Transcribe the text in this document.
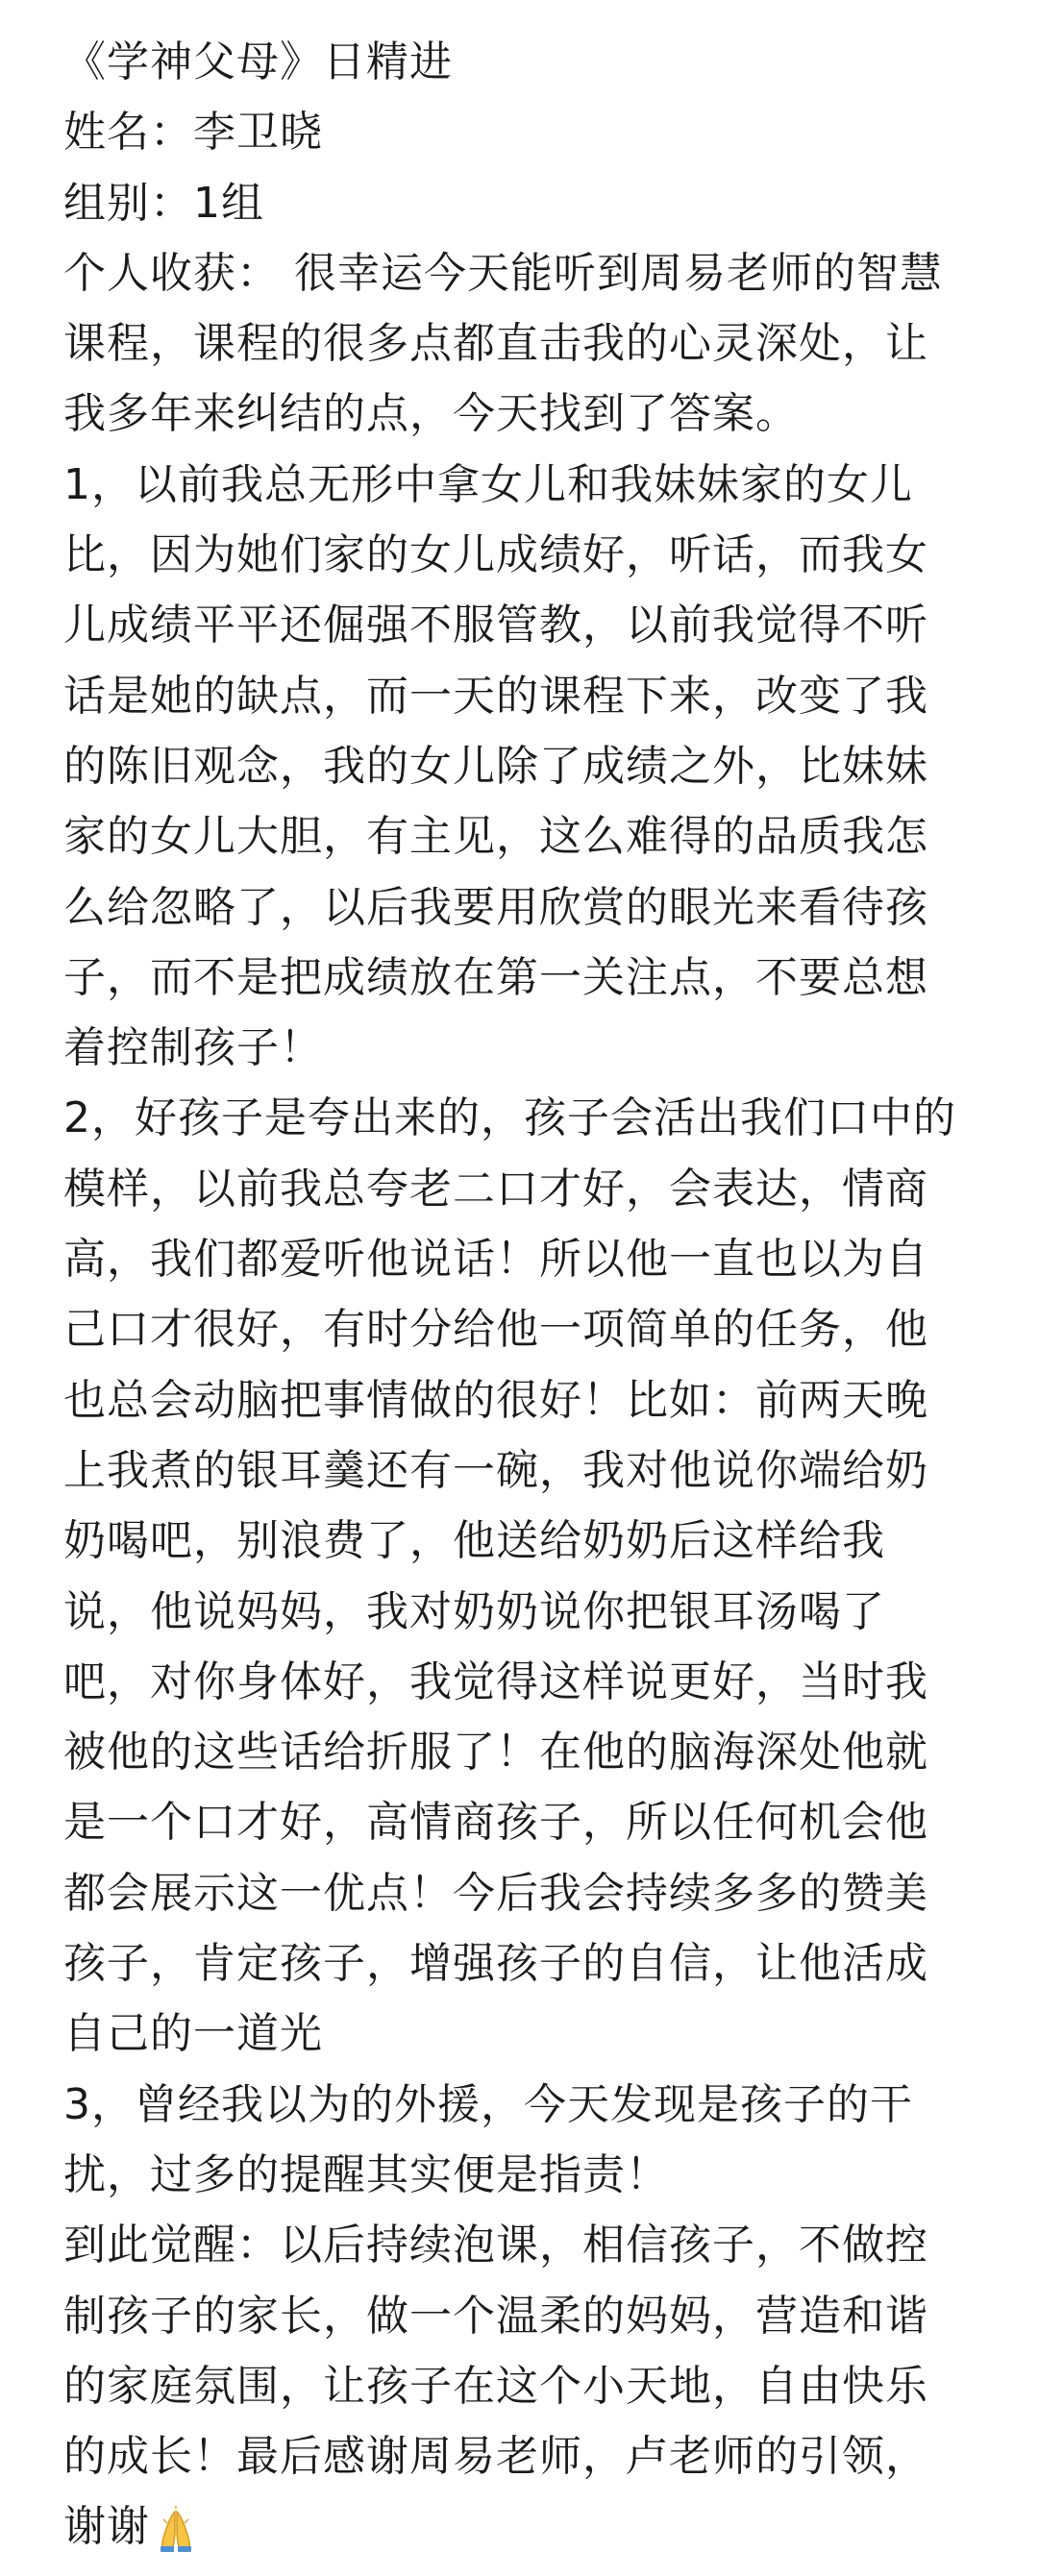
《学神父母》日精进
姓名：李卫晓
组别：1组
个人收获： 很幸运今天能听到周易老师的智慧
课程，课程的很多点都直击我的心灵深处，让
我多年来纠结的点，今天找到了答案。
1，以前我总无形中拿女儿和我妹妹家的女儿
比，因为她们家的女儿成绩好，听话，而我女
儿成绩平平还倔强不服管教，以前我觉得不听
话是她的缺点，而一天的课程下来，改变了我
的陈旧观念，我的女儿除了成绩之外，比妹妹
家的女儿大胆，有主见，这么难得的品质我怎
么给忽略了，以后我要用欣赏的眼光来看待孩
子，而不是把成绩放在第一关注点，不要总想
着控制孩子！
2，好孩子是夸出来的，孩子会活出我们口中的
模样，以前我总夸老二口才好，会表达，情商
高，我们都爱听他说话！所以他一直也以为自
己口才很好，有时分给他一项简单的任务，他
也总会动脑把事情做的很好！比如：前两天晚
上我煮的银耳羹还有一碗，我对他说你端给奶
奶喝吧，别浪费了，他送给奶奶后这样给我
说，他说妈妈，我对奶奶说你把银耳汤喝了
吧，对你身体好，我觉得这样说更好，当时我
被他的这些话给折服了！在他的脑海深处他就
是一个口才好，高情商孩子，所以任何机会他
都会展示这一优点！今后我会持续多多的赞美
孩子，肯定孩子，增强孩子的自信，让他活成
自己的一道光
3，曾经我以为的外援，今天发现是孩子的干
扰，过多的提醒其实便是指责！
到此觉醒：以后持续泡课，相信孩子，不做控
制孩子的家长，做一个温柔的妈妈，营造和谐
的家庭氛围，让孩子在这个小天地，自由快乐
的成长！最后感谢周易老师，卢老师的引领，
谢谢
